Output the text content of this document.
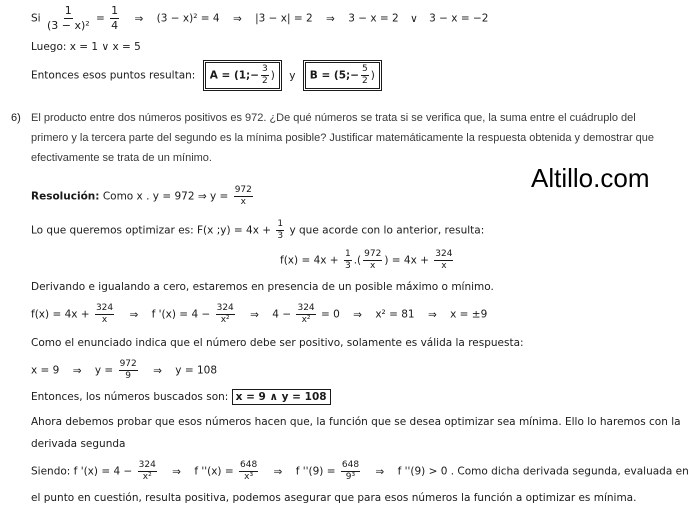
Si $\frac{1}{\text{(3 − x)²}} = \frac{1}{4}$ ⇒ (3 − x)² = 4 ⇒ |3 − x| = 2 ⇒ 3 − x = 2 ∨ 3 − x = −2
Luego: x = 1 ∨ x = 5
Entonces esos puntos resultan: A = (1;− $\frac{3}{2}$ ) y B = (5;− $\frac{5}{2}$ )
6) El producto entre dos números positivos es 972. ¿De qué números se trata si se verifica que, la suma entre el cuádruplo del primero y la tercera parte del segundo es la mínima posible? Justificar matemáticamente la respuesta obtenida y demostrar que efectivamente se trata de un mínimo.
Altillo.com
Resolución: Como x . y = 972 ⇒ $y = \frac{972}{x}$
Lo que queremos optimizar es: F(x ;y) = $4x + \frac{1}{3}$ y que acorde con lo anterior, resulta:
$f(x) = 4x + \frac{1}{3}$ .( $\frac{972}{x}$ ) = $4x + \frac{324}{x}$
Derivando e igualando a cero, estaremos en presencia de un posible máximo o mínimo.
$f(x) = 4x + \frac{324}{x}$ ⇒ f '$(x) = 4 - \frac{324}{\text{x²}}$ ⇒ $4 - \frac{324}{\text{x²}} = 0$ ⇒ x² = 81 ⇒ x = ±9
Como el enunciado indica que el número debe ser positivo, solamente es válida la respuesta:
x = 9 ⇒ $y = \frac{972}{9}$ ⇒ y = 108
Entonces, los números buscados son: x = 9 ∧ y = 108
Ahora debemos probar que esos números hacen que, la función que se desea optimizar sea mínima. Ello lo haremos con la derivada segunda
Siendo: f '$(x) = 4 - \frac{324}{\text{x²}}$ ⇒ f ''$(x) = \frac{648}{\text{x³}}$ ⇒ f ''$(9) = \frac{648}{\text{9³}}$ ⇒ f ''(9) > 0 . Como dicha derivada segunda, evaluada en
el punto en cuestión, resulta positiva, podemos asegurar que para esos números la función a optimizar es mínima.
